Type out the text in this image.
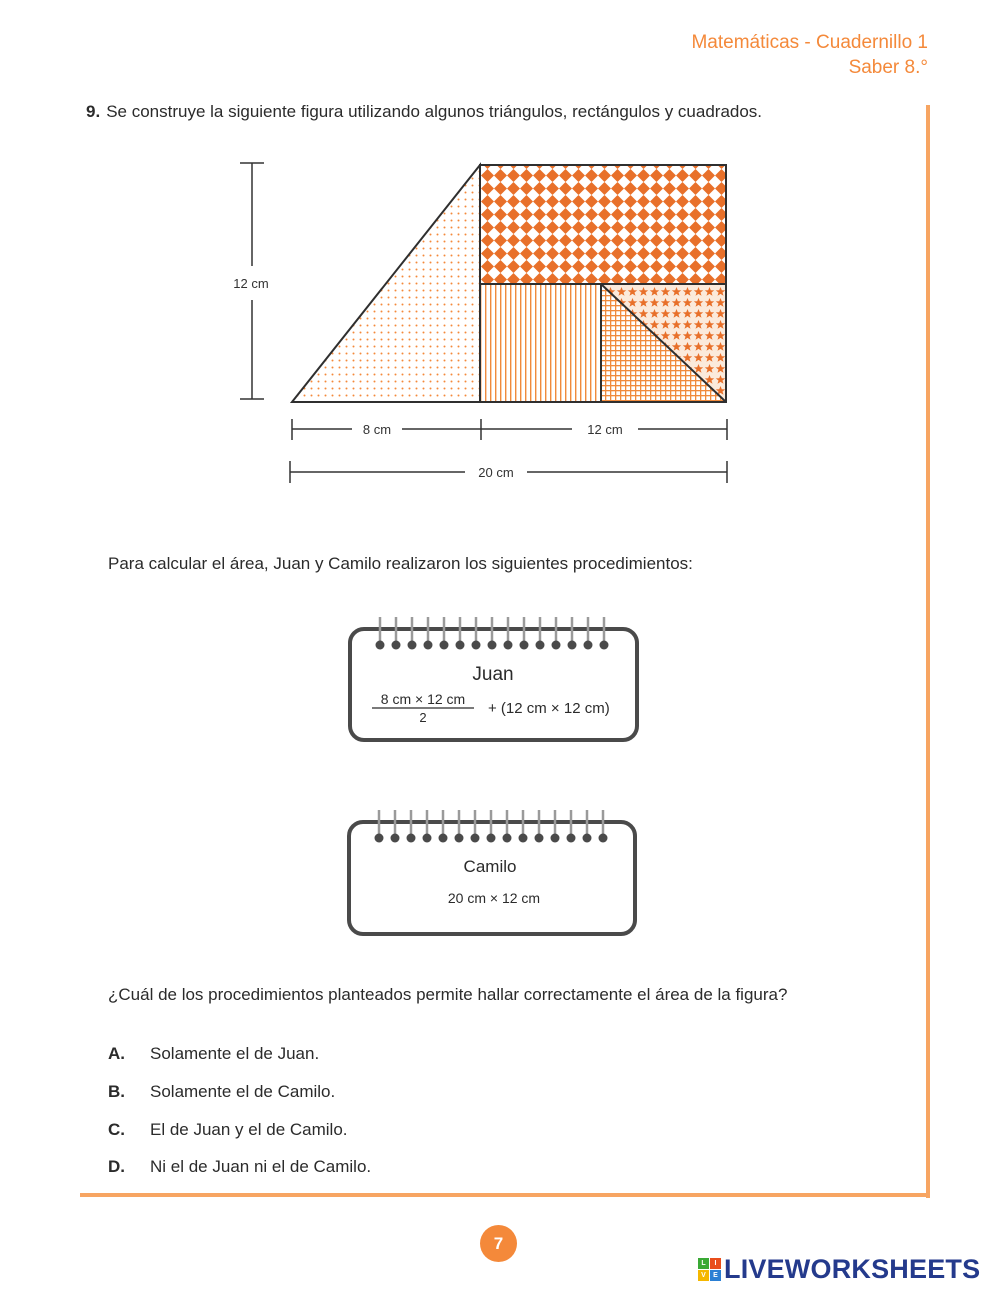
Matemáticas - Cuadernillo 1
Saber 8.°
9. Se construye la siguiente figura utilizando algunos triángulos, rectángulos y cuadrados.
12 cm
8 cm	12 cm
20 cm
Juan
8 cm × 12 cm
2
+ (12 cm × 12 cm)
Camilo
20 cm × 12 cm
Para calcular el área, Juan y Camilo realizaron los siguientes procedimientos:
¿Cuál de los procedimientos planteados permite hallar correctamente el área de la figura?
A. Solamente el de Juan.
B. Solamente el de Camilo.
C. El de Juan y el de Camilo.
D. Ni el de Juan ni el de Camilo.
7
L	I
V	E LIVEWORKSHEETS
